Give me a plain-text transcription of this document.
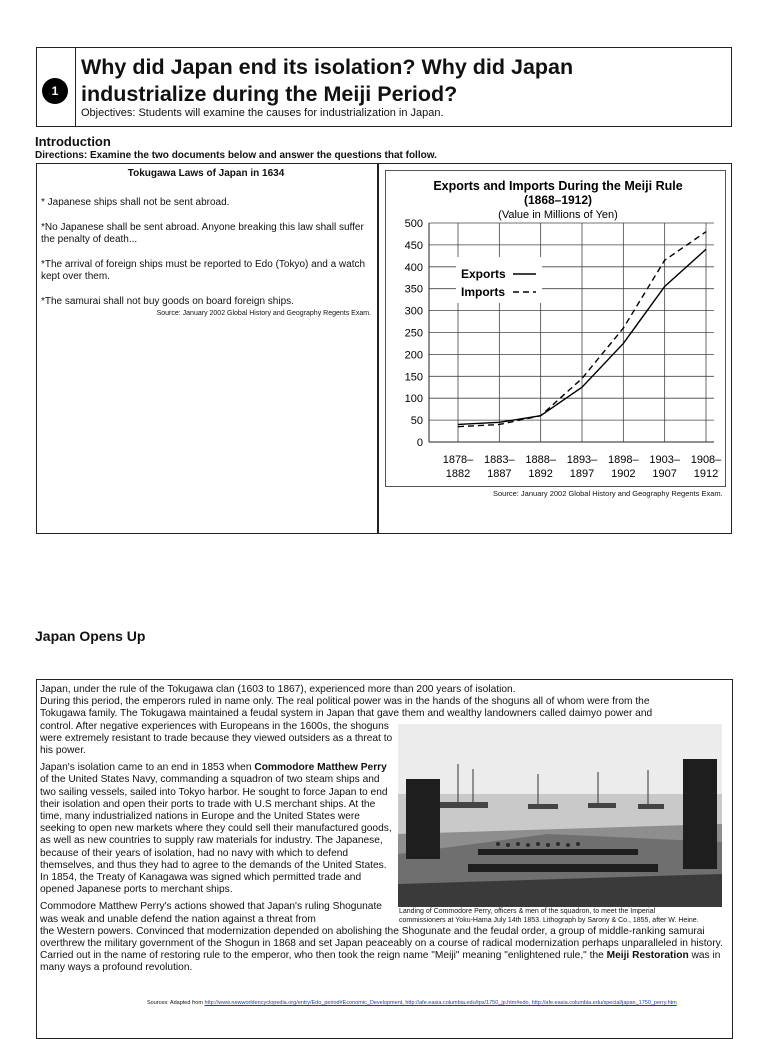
1
Why did Japan end its isolation? Why did Japan industrialize during the Meiji Period?
Objectives: Students will examine the causes for industrialization in Japan.
Introduction
Directions: Examine the two documents below and answer the questions that follow.
Tokugawa Laws of Japan in 1634

* Japanese ships shall not be sent abroad.

*No Japanese shall be sent abroad. Anyone breaking this law shall suffer the penalty of death...

*The arrival of foreign ships must be reported to Edo (Tokyo) and a watch kept over them.

*The samurai shall not buy goods on board foreign ships.

Source: January 2002 Global History and Geography Regents Exam.

Exports and Imports During the Meiji Rule
(1868–1912)
(Value in Millions of Yen)
0
50
100
150
200
250
300
350
400
450
500
1878–
1882
1883–
1887
1888–
1892
1893–
1897
1898–
1902
1903–
1907
1908–
1912
Exports
Imports
Source: January 2002 Global History and Geography Regents Exam.
Japan Opens Up

Japan, under the rule of the Tokugawa clan (1603 to 1867), experienced more than 200 years of isolation.

During this period, the emperors ruled in name only. The real political power was in the hands of the shoguns all of whom were from the

Tokugawa family. The Tokugawa maintained a feudal system in Japan that gave them and wealthy landowners called daimyo power and

control. After negative experiences with Europeans in the 1600s, the shoguns were extremely resistant to trade because they viewed outsiders as a threat to his power.

Japan's isolation came to an end in 1853 when Commodore Matthew Perry of the United States Navy, commanding a squadron of two steam ships and two sailing vessels, sailed into Tokyo harbor. He sought to force Japan to end their isolation and open their ports to trade with U.S merchant ships. At the time, many industrialized nations in Europe and the United States were seeking to open new markets where they could sell their manufactured goods, as well as new countries to supply raw materials for industry. The Japanese, because of their years of isolation, had no navy with which to defend themselves, and thus they had to agree to the demands of the United States. In 1854, the Treaty of Kanagawa was signed which permitted trade and opened Japanese ports to merchant ships.

Commodore Matthew Perry's actions showed that Japan's ruling Shogunate was weak and unable defend the nation against a threat from

the Western powers. Convinced that modernization depended on abolishing the Shogunate and the feudal order, a group of middle-ranking samurai overthrew the military government of the Shogun in 1868 and set Japan peaceably on a course of radical modernization perhaps unparalleled in history. Carried out in the name of restoring rule to the emperor, who then took the reign name "Meiji" meaning "enlightened rule," the Meiji Restoration was in many ways a profound revolution.

Landing of Commodore Perry, officers & men of the squadron, to meet the Imperial commissioners at Yoku-Hama July 14th 1853. Lithograph by Sarony & Co., 1855, after W. Heine.
Sources: Adapted from http://www.newworldencyclopedia.org/entry/Edo_period#Economic_Development, http://afe.easia.columbia.edu/tps/1750_jp.htm#edo, http://afe.easia.columbia.edu/special/japan_1750_perry.htm
